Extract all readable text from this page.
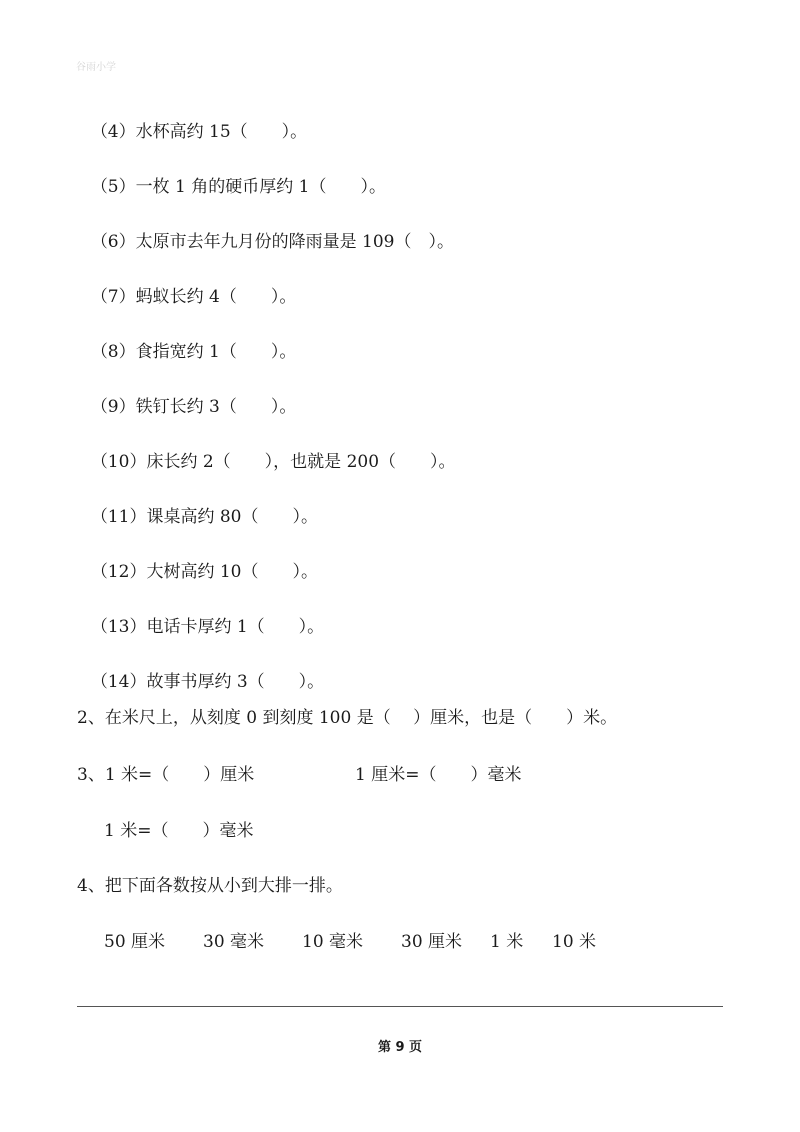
谷雨小学

（4）水杯高约 15（　　）。

（5）一枚 1 角的硬币厚约 1（　　）。

（6）太原市去年九月份的降雨量是 109（　）。

（7）蚂蚁长约 4（　　）。

（8）食指宽约 1（　　）。

（9）铁钉长约 3（　　）。

（10）床长约 2（　　），也就是 200（　　）。

（11）课桌高约 80（　　）。

（12）大树高约 10（　　）。

（13）电话卡厚约 1（　　）。

（14）故事书厚约 3（　　）。

2、在米尺上，从刻度 0 到刻度 100 是（　 ）厘米，也是（　　）米。
3、1 米=（　　）厘米	1 厘米=（　　）毫米
1 米=（　　）毫米
4、把下面各数按从小到大排一排。
50 厘米 30 毫米 10 毫米 30 厘米 1 米 10 米
第 9 页
